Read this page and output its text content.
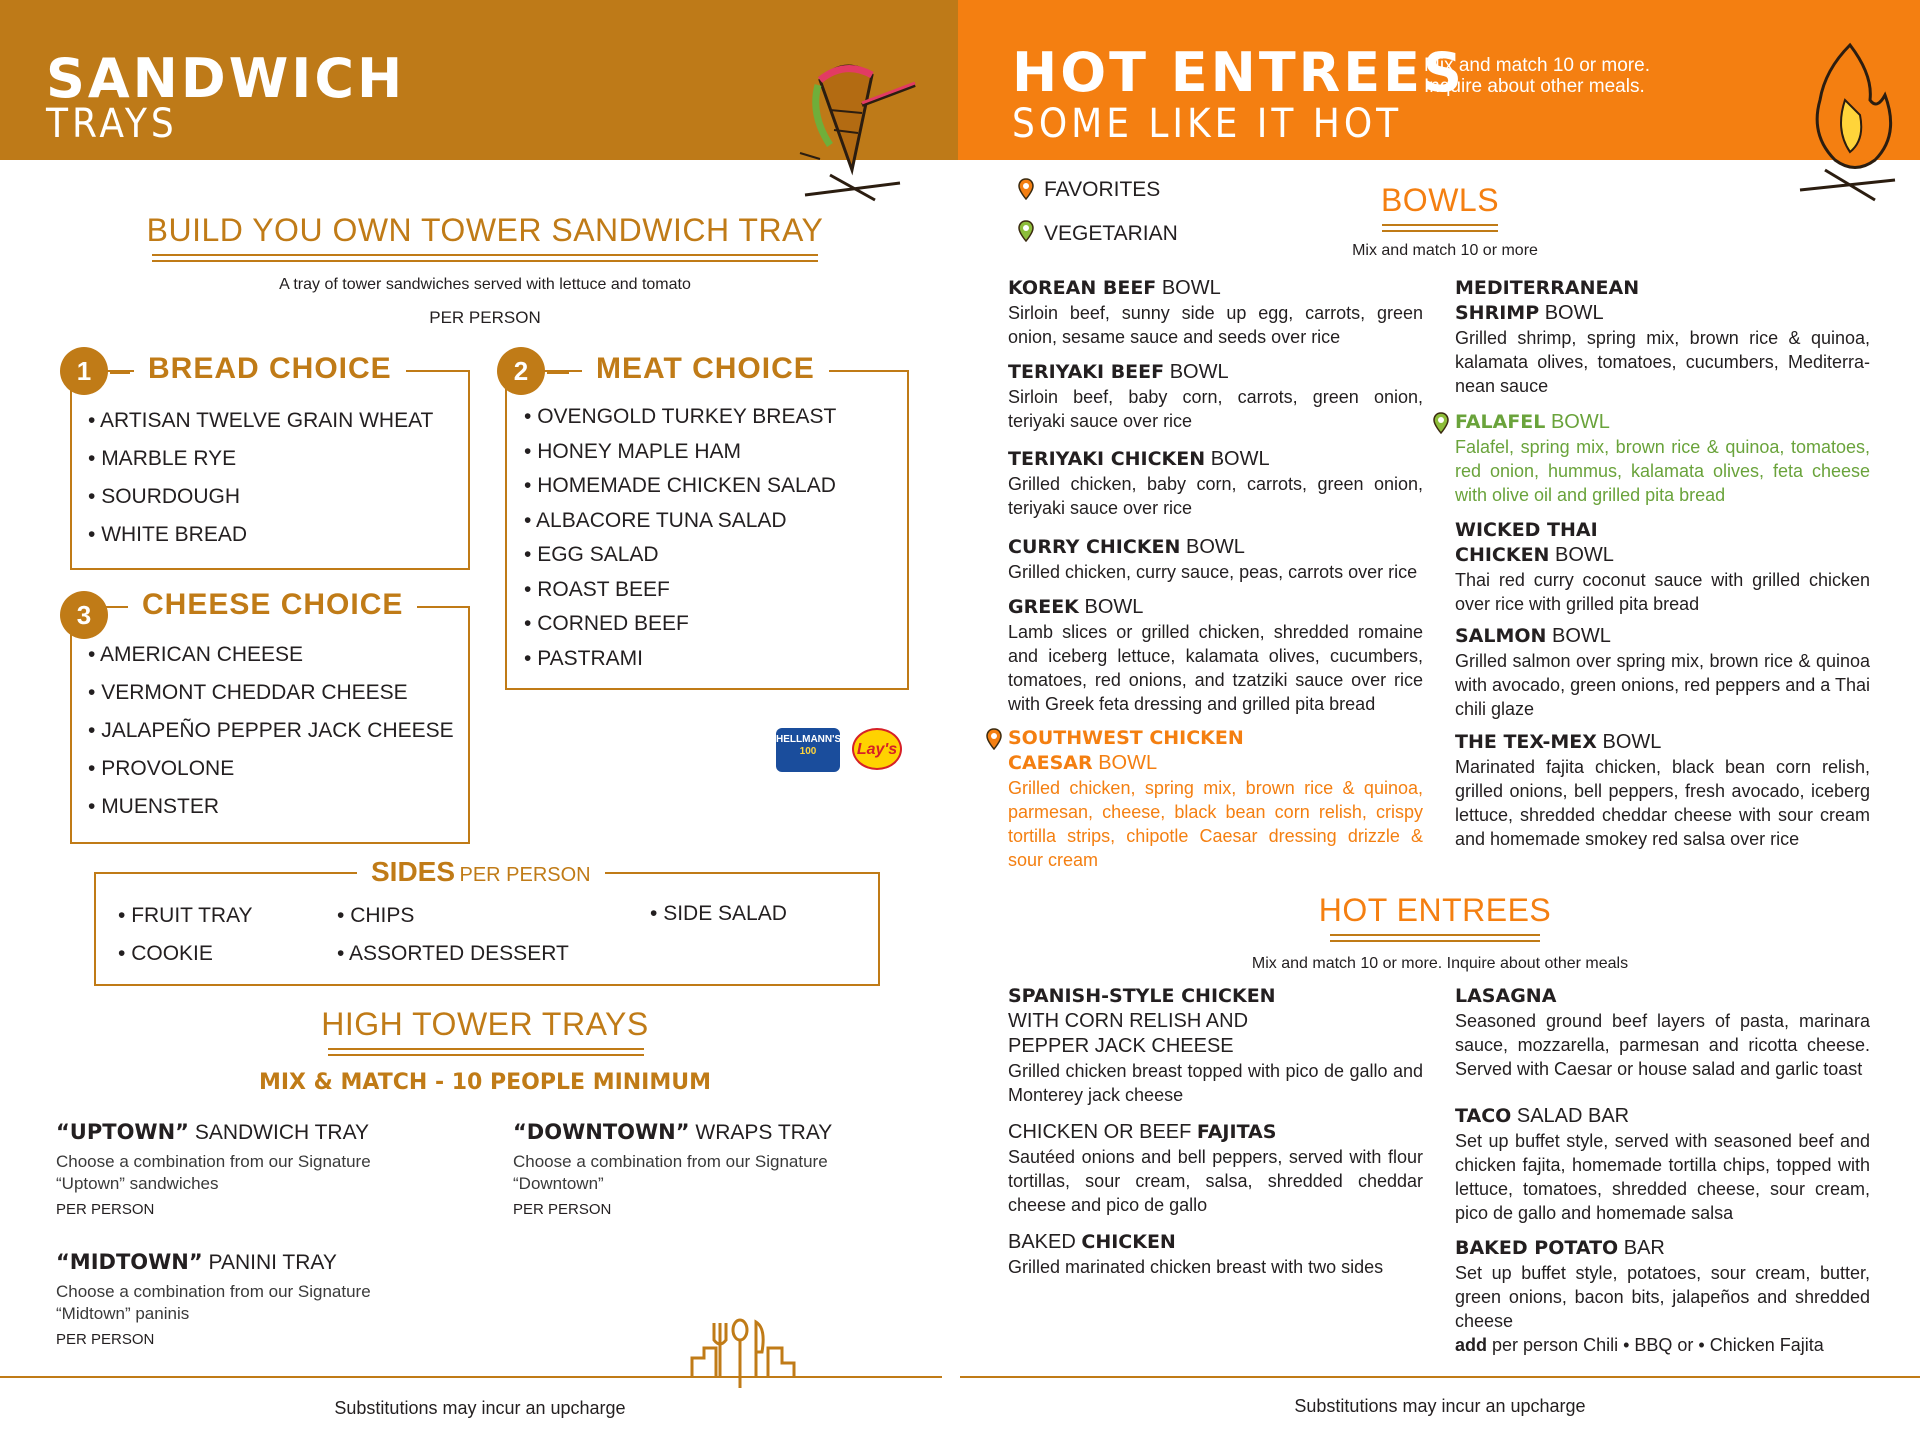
SANDWICH
TRAYS
HOT ENTREES
SOME LIKE IT HOT
Mix and match 10 or more.
Inquire about other meals.
BUILD YOU OWN TOWER SANDWICH TRAY
A tray of tower sandwiches served with lettuce and tomato
PER PERSON
1	BREAD CHOICE
• ARTISAN TWELVE GRAIN WHEAT
• MARBLE RYE
• SOURDOUGH
• WHITE BREAD
2	MEAT CHOICE
• OVENGOLD TURKEY BREAST
• HONEY MAPLE HAM
• HOMEMADE CHICKEN SALAD
• ALBACORE TUNA SALAD
• EGG SALAD
• ROAST BEEF
• CORNED BEEF
• PASTRAMI
3	CHEESE CHOICE
• AMERICAN CHEESE
• VERMONT CHEDDAR CHEESE
• JALAPEÑO PEPPER JACK CHEESE
• PROVOLONE
• MUENSTER
HELLMANN'S
100	Lay's
SIDES PER PERSON
• FRUIT TRAY
• COOKIE
• CHIPS
• ASSORTED DESSERT
• SIDE SALAD
HIGH TOWER TRAYS
MIX & MATCH - 10 PEOPLE MINIMUM
“UPTOWN” SANDWICH TRAY
Choose a combination from our Signature
“Uptown” sandwiches
PER PERSON
“DOWNTOWN” WRAPS TRAY
Choose a combination from our Signature
“Downtown”
PER PERSON
“MIDTOWN” PANINI TRAY
Choose a combination from our Signature
“Midtown” paninis
PER PERSON
Substitutions may incur an upcharge
FAVORITES
VEGETARIAN
BOWLS
Mix and match 10 or more
KOREAN BEEF BOWL
Sirloin beef, sunny side up egg, carrots, green onion, sesame sauce and seeds over rice
TERIYAKI BEEF BOWL
Sirloin beef, baby corn, carrots, green onion, teriyaki sauce over rice
TERIYAKI CHICKEN BOWL
Grilled chicken, baby corn, carrots, green onion, teriyaki sauce over rice
CURRY CHICKEN BOWL
Grilled chicken, curry sauce, peas, carrots over rice
GREEK BOWL
Lamb slices or grilled chicken, shredded romaine and iceberg lettuce, kalamata olives, cucumbers, tomatoes, red onions, and tzatziki sauce over rice with Greek feta dressing and grilled pita bread
SOUTHWEST CHICKEN
CAESAR BOWL
Grilled chicken, spring mix, brown rice & quinoa, parmesan, cheese, black bean corn relish, crispy tortilla strips, chipotle Caesar dressing drizzle & sour cream
MEDITERRANEAN
SHRIMP BOWL
Grilled shrimp, spring mix, brown rice & quinoa, kalamata olives, tomatoes, cucumbers, Mediterra-nean sauce
FALAFEL BOWL
Falafel, spring mix, brown rice & quinoa, tomatoes, red onion, hummus, kalamata olives, feta cheese with olive oil and grilled pita bread
WICKED THAI
CHICKEN BOWL
Thai red curry coconut sauce with grilled chicken over rice with grilled pita bread
SALMON BOWL
Grilled salmon over spring mix, brown rice & quinoa with avocado, green onions, red peppers and a Thai chili glaze
THE TEX-MEX BOWL
Marinated fajita chicken, black bean corn relish, grilled onions, bell peppers, fresh avocado, iceberg lettuce, shredded cheddar cheese with sour cream and homemade smokey red salsa over rice
HOT ENTREES
Mix and match 10 or more. Inquire about other meals
SPANISH-STYLE CHICKEN
WITH CORN RELISH AND
PEPPER JACK CHEESE
Grilled chicken breast topped with pico de gallo and Monterey jack cheese
CHICKEN OR BEEF FAJITAS
Sautéed onions and bell peppers, served with flour tortillas, sour cream, salsa, shredded cheddar cheese and pico de gallo
BAKED CHICKEN
Grilled marinated chicken breast with two sides
LASAGNA
Seasoned ground beef layers of pasta, marinara sauce, mozzarella, parmesan and ricotta cheese. Served with Caesar or house salad and garlic toast
TACO SALAD BAR
Set up buffet style, served with seasoned beef and chicken fajita, homemade tortilla chips, topped with lettuce, tomatoes, shredded cheese, sour cream, pico de gallo and homemade salsa
BAKED POTATO BAR
Set up buffet style, potatoes, sour cream, butter, green onions, bacon bits, jalapeños and shredded cheese
add per person Chili • BBQ or • Chicken Fajita
Substitutions may incur an upcharge
